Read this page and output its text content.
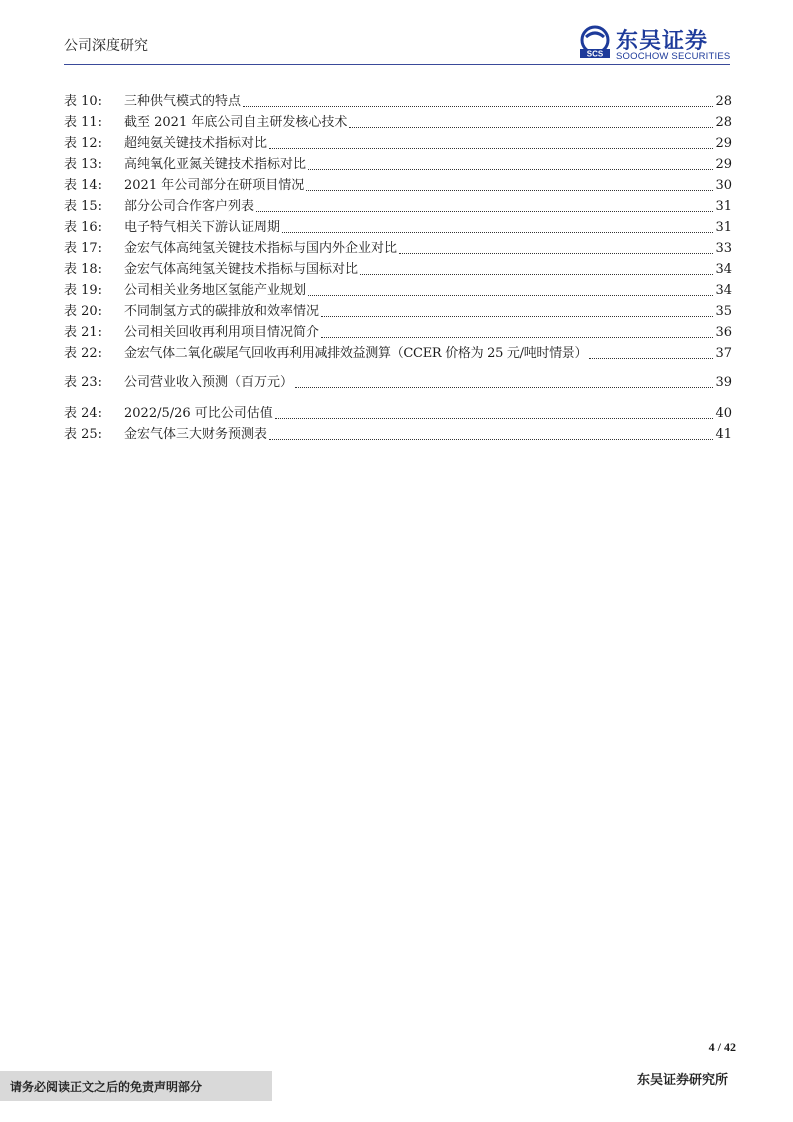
公司深度研究	SCS 东吴证券
SOOCHOW SECURITIES
表 10:	三种供气模式的特点	28
表 11:	截至 2021 年底公司自主研发核心技术	28
表 12:	超纯氨关键技术指标对比	29
表 13:	高纯氧化亚氮关键技术指标对比	29
表 14:	2021 年公司部分在研项目情况	30
表 15:	部分公司合作客户列表	31
表 16:	电子特气相关下游认证周期	31
表 17:	金宏气体高纯氢关键技术指标与国内外企业对比	33
表 18:	金宏气体高纯氢关键技术指标与国标对比	34
表 19:	公司相关业务地区氢能产业规划	34
表 20:	不同制氢方式的碳排放和效率情况	35
表 21:	公司相关回收再利用项目情况简介	36
表 22:	金宏气体二氧化碳尾气回收再利用减排效益测算（CCER 价格为 25 元/吨时情景）	37
表 23:	公司营业收入预测（百万元）	39
表 24:	2022/5/26 可比公司估值	40
表 25:	金宏气体三大财务预测表	41
4 / 42
请务必阅读正文之后的免责声明部分	东吴证券研究所
